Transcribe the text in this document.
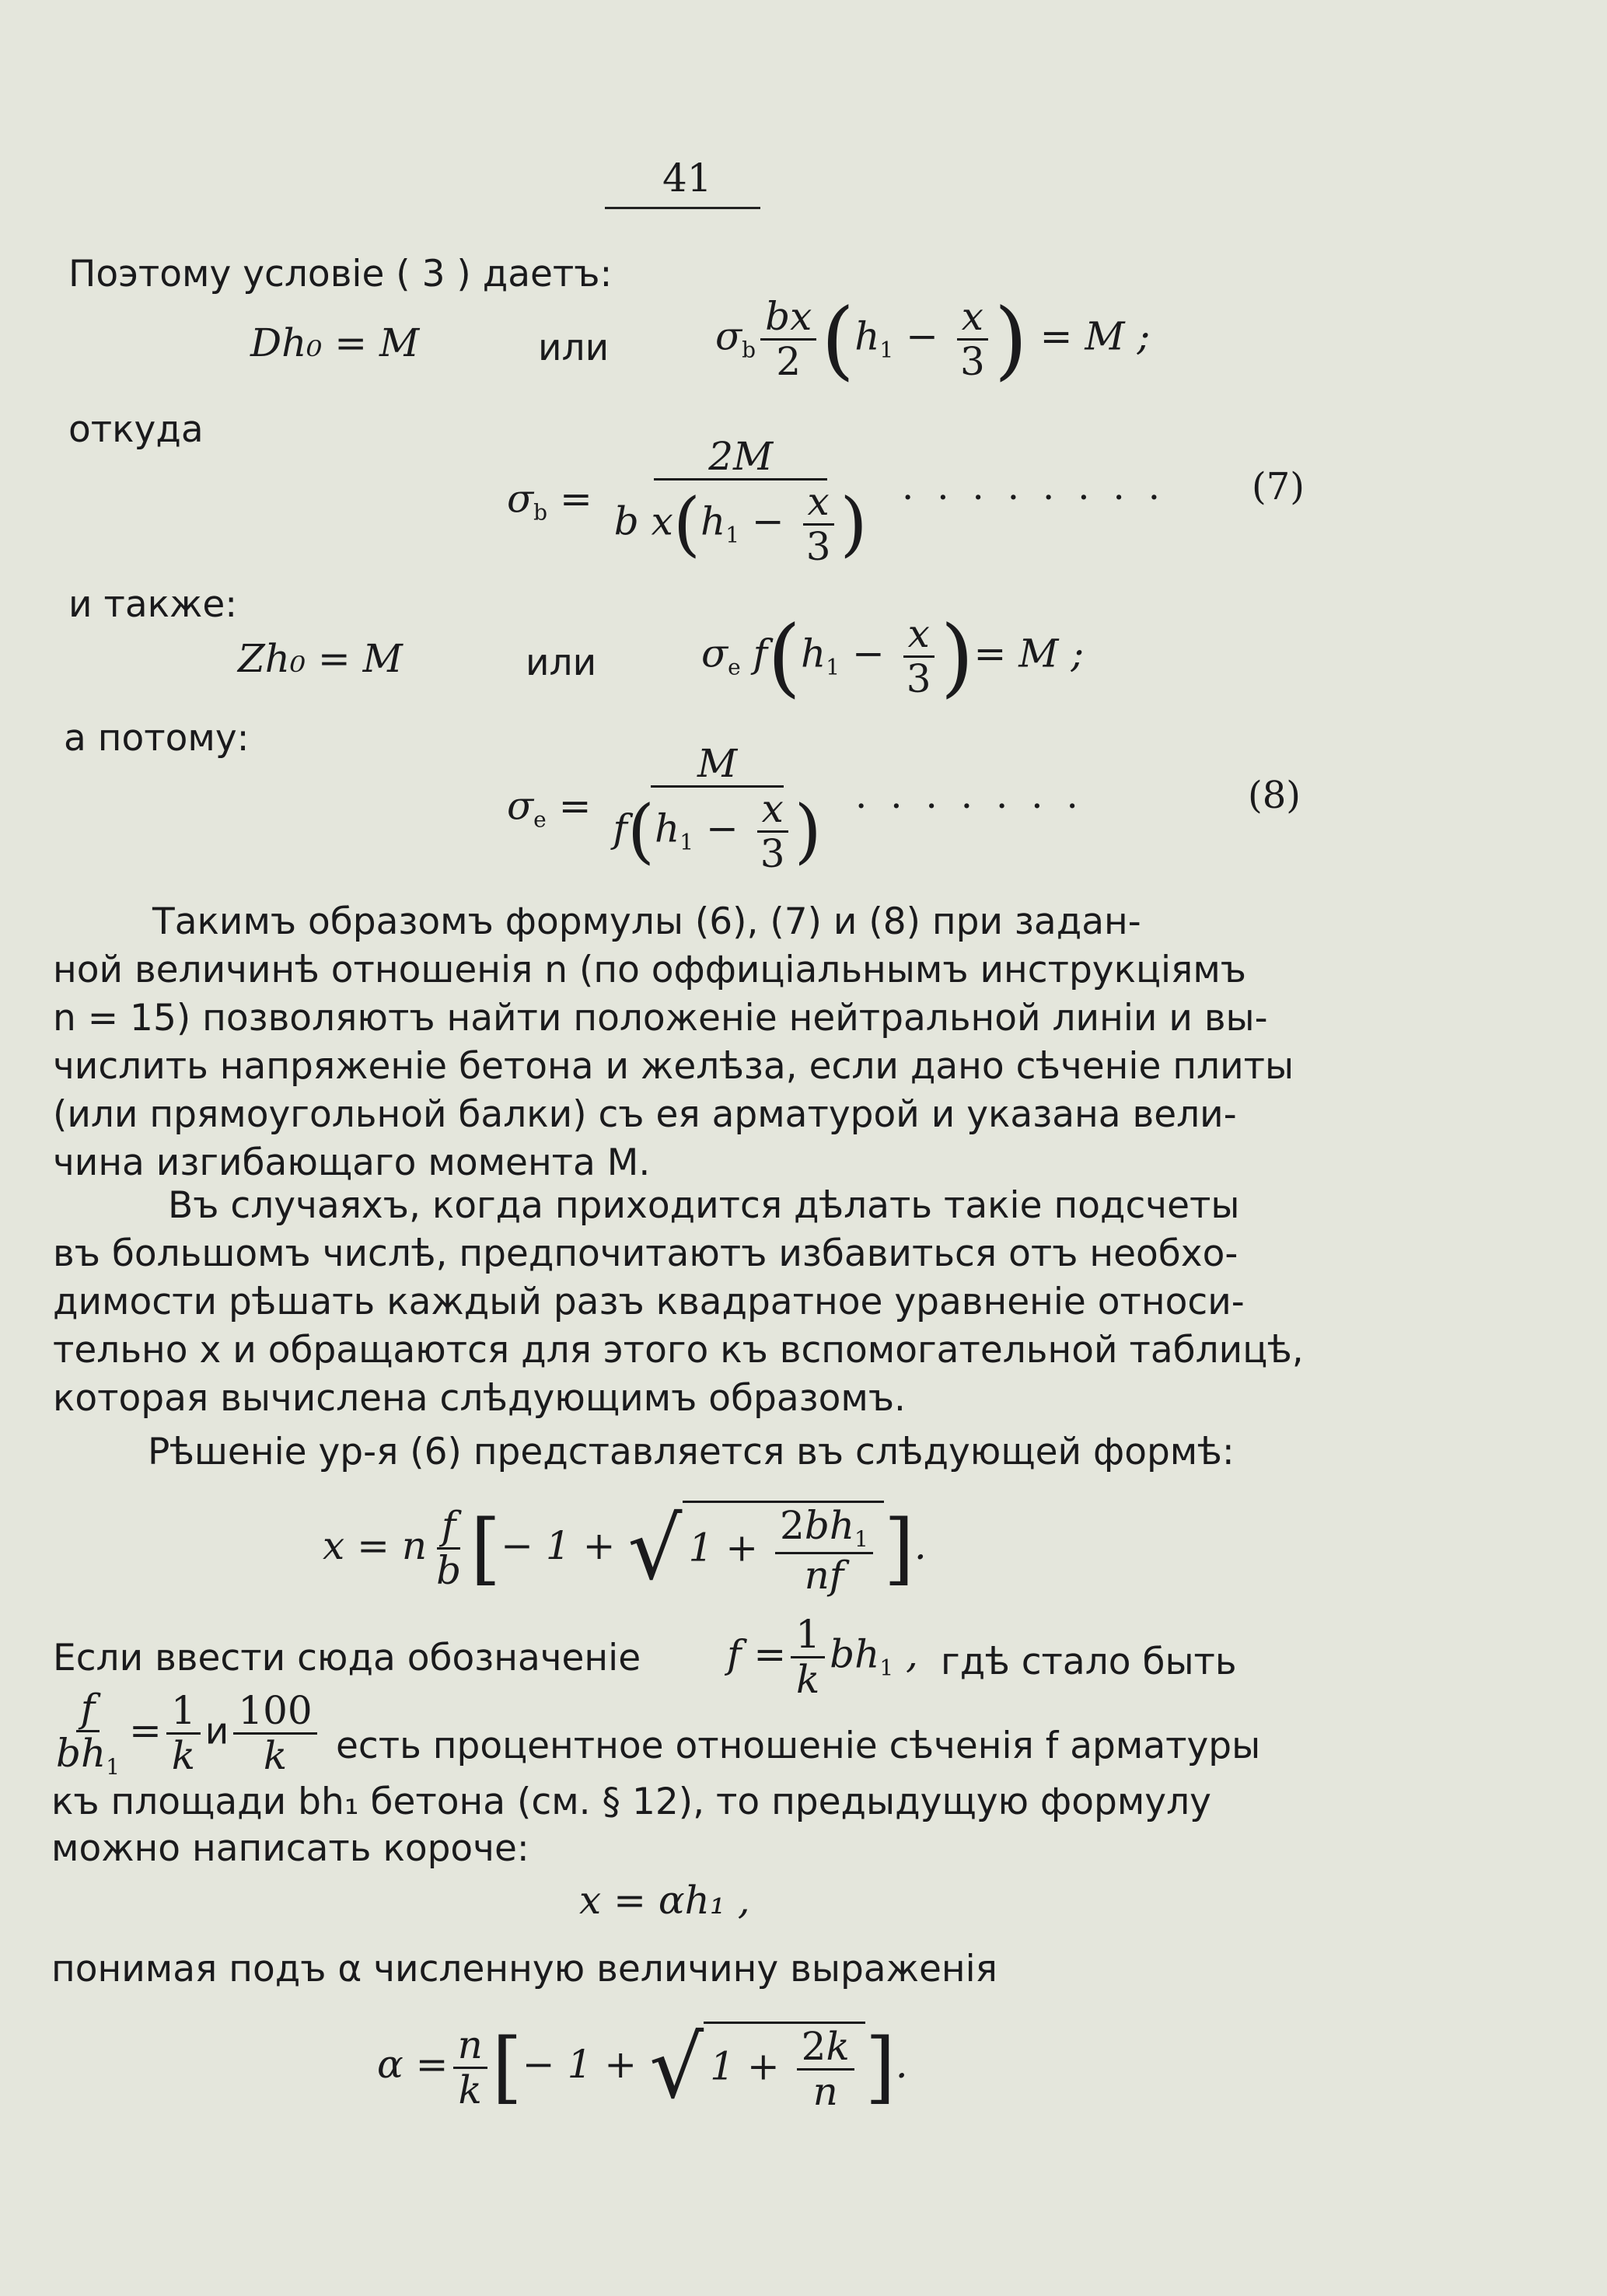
41
Поэтому условіе ( 3 ) даетъ:
Dh₀ = M	или	$\sigma_b \frac{bx}{2} (h_1 - \frac{x}{3}$ ) = M ;
откуда
$\sigma_b = \frac{2M}{b x(h_1 - \frac{x}{3} )}$ ........ (7)
и также:
Zh₀ = M	или	$\sigma_e$ $f(h_1 - \frac{x}{3}$ )= M ;
а потому:
$\sigma_e = \frac{M}{f(h_1 - \frac{x}{3} )}$ .......	(8)
Такимъ образомъ формулы (6), (7) и (8) при задан-
ной величинѣ отношенія n (по оффиціальнымъ инструкціямъ
n = 15) позволяютъ найти положеніе нейтральной линіи и вы-
числить напряженіе бетона и желѣза, если дано сѣченіе плиты
(или прямоугольной балки) съ ея арматурой и указана вели-
чина изгибающаго момента M.
Въ случаяхъ, когда приходится дѣлать такіе подсчеты
въ большомъ числѣ, предпочитаютъ избавиться отъ необхо-
димости рѣшать каждый разъ квадратное уравненіе относи-
тельно x и обращаются для этого къ вспомогательной таблицѣ,
которая вычислена слѣдующимъ образомъ.
Рѣшеніе ур-я (6) представляется въ слѣдующей формѣ:
x = n $\frac{f}{b}$ [− 1 + √ $1 + \frac{2bh_1}{nf}$ ].
Если ввести сюда обозначеніе $f = \frac{1}{k} bh_1$ , гдѣ стало быть
$\frac{f}{bh_1} = \frac{1}{k}$ и $\frac{100}{k}$ есть процентное отношеніе сѣченія f арматуры
къ площади bh₁ бетона (см. § 12), то предыдущую формулу
можно написать короче:
x = αh₁ ,
понимая подъ α численную величину выраженія
$\alpha = \frac{n}{k}$ [− 1 + √ $1 + \frac{2k}{n}$ ].
